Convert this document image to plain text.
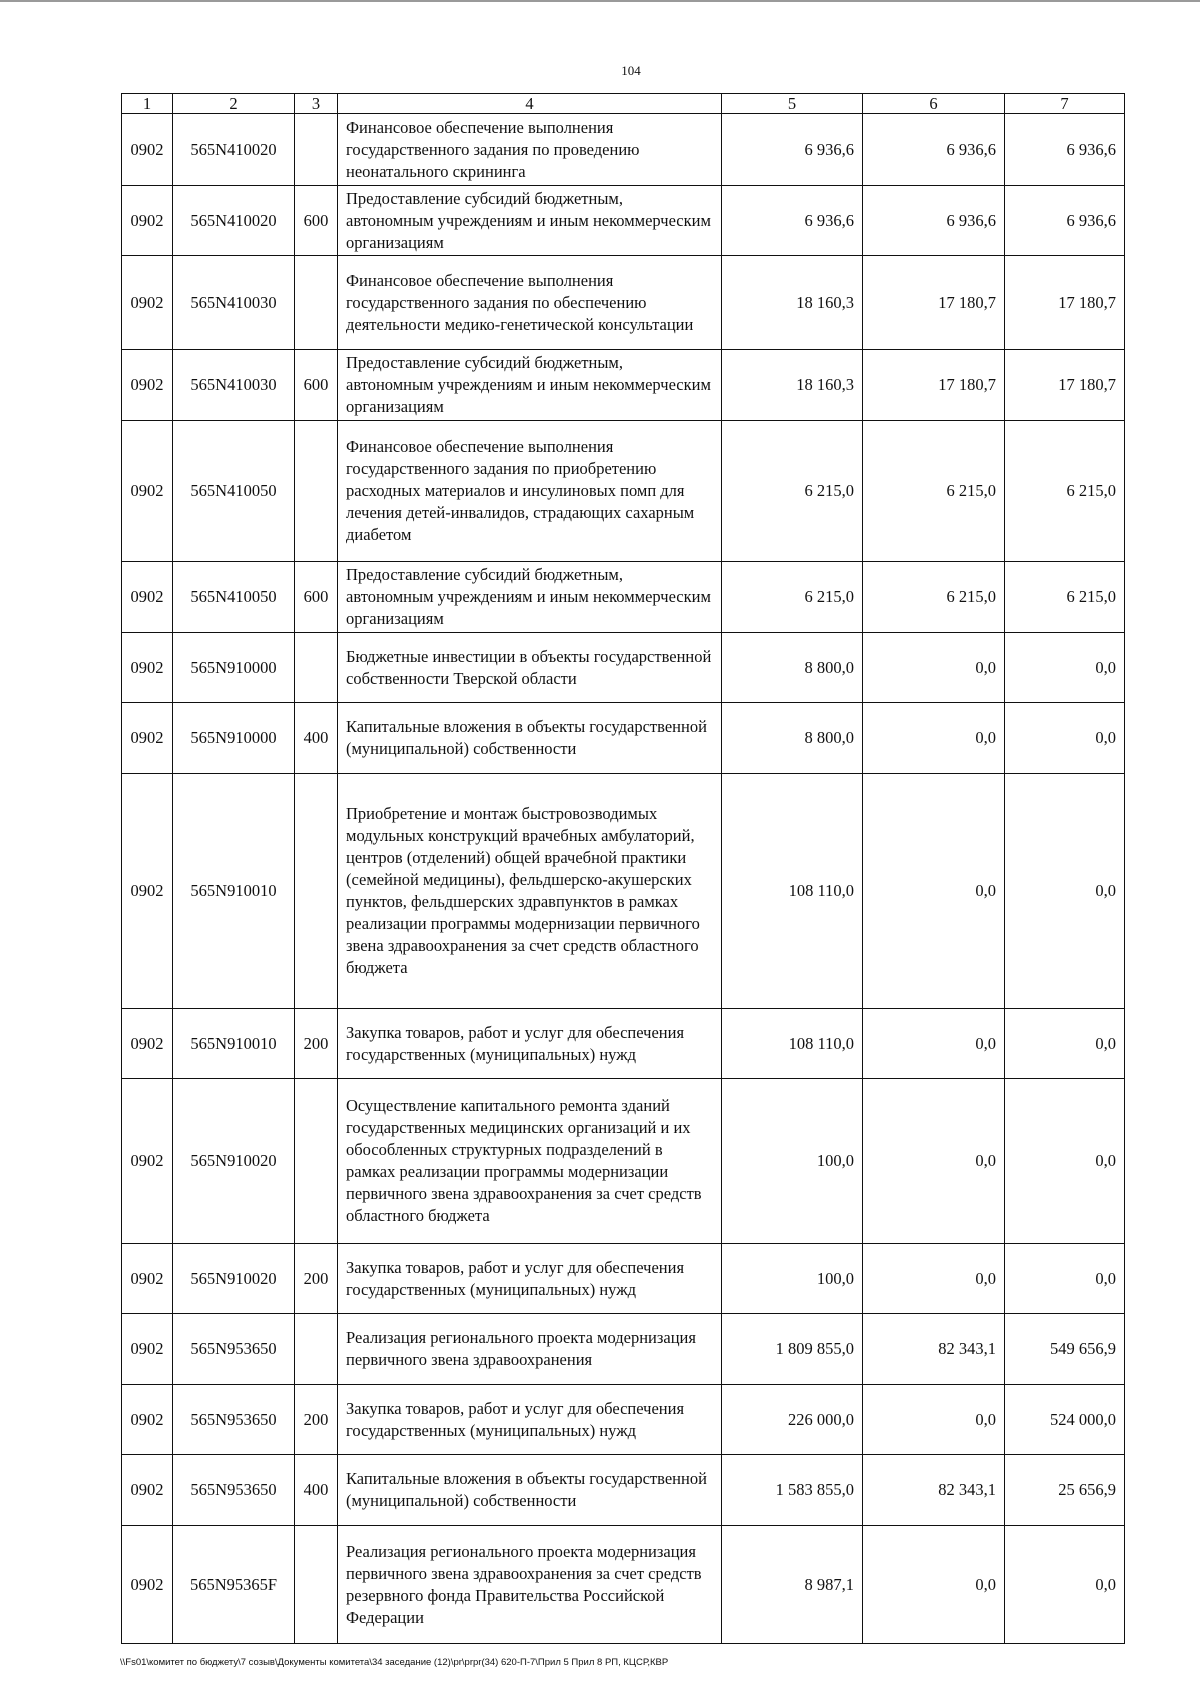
104
1	2	3	4	5	6	7
0902	565N410020		Финансовое обеспечение выполнения государственного задания по проведению неонатального скрининга	6 936,6	6 936,6	6 936,6
0902	565N410020	600	Предоставление субсидий бюджетным, автономным учреждениям и иным некоммерческим организациям	6 936,6	6 936,6	6 936,6
0902	565N410030		Финансовое обеспечение выполнения государственного задания по обеспечению деятельности медико-генетической консультации	18 160,3	17 180,7	17 180,7
0902	565N410030	600	Предоставление субсидий бюджетным, автономным учреждениям и иным некоммерческим организациям	18 160,3	17 180,7	17 180,7
0902	565N410050		Финансовое обеспечение выполнения государственного задания по приобретению расходных материалов и инсулиновых помп для лечения детей-инвалидов, страдающих сахарным диабетом	6 215,0	6 215,0	6 215,0
0902	565N410050	600	Предоставление субсидий бюджетным, автономным учреждениям и иным некоммерческим организациям	6 215,0	6 215,0	6 215,0
0902	565N910000		Бюджетные инвестиции в объекты государственной собственности Тверской области	8 800,0	0,0	0,0
0902	565N910000	400	Капитальные вложения в объекты государственной (муниципальной) собственности	8 800,0	0,0	0,0
0902	565N910010		Приобретение и монтаж быстровозводимых модульных конструкций врачебных амбулаторий, центров (отделений) общей врачебной практики (семейной медицины), фельдшерско-акушерских пунктов, фельдшерских здравпунктов в рамках реализации программы модернизации первичного звена здравоохранения за счет средств областного бюджета	108 110,0	0,0	0,0
0902	565N910010	200	Закупка товаров, работ и услуг для обеспечения государственных (муниципальных) нужд	108 110,0	0,0	0,0
0902	565N910020		Осуществление капитального ремонта зданий государственных медицинских организаций и их обособленных структурных подразделений в рамках реализации программы модернизации первичного звена здравоохранения за счет средств областного бюджета	100,0	0,0	0,0
0902	565N910020	200	Закупка товаров, работ и услуг для обеспечения государственных (муниципальных) нужд	100,0	0,0	0,0
0902	565N953650		Реализация регионального проекта модернизация первичного звена здравоохранения	1 809 855,0	82 343,1	549 656,9
0902	565N953650	200	Закупка товаров, работ и услуг для обеспечения государственных (муниципальных) нужд	226 000,0	0,0	524 000,0
0902	565N953650	400	Капитальные вложения в объекты государственной (муниципальной) собственности	1 583 855,0	82 343,1	25 656,9
0902	565N95365F		Реализация регионального проекта модернизация первичного звена здравоохранения за счет средств резервного фонда Правительства Российской Федерации	8 987,1	0,0	0,0
\\Fs01\комитет по бюджету\7 созыв\Документы комитета\34 заседание (12)\pr\prpr(34) 620-П-7\Прил 5 Прил 8 РП, КЦСР,КВР
